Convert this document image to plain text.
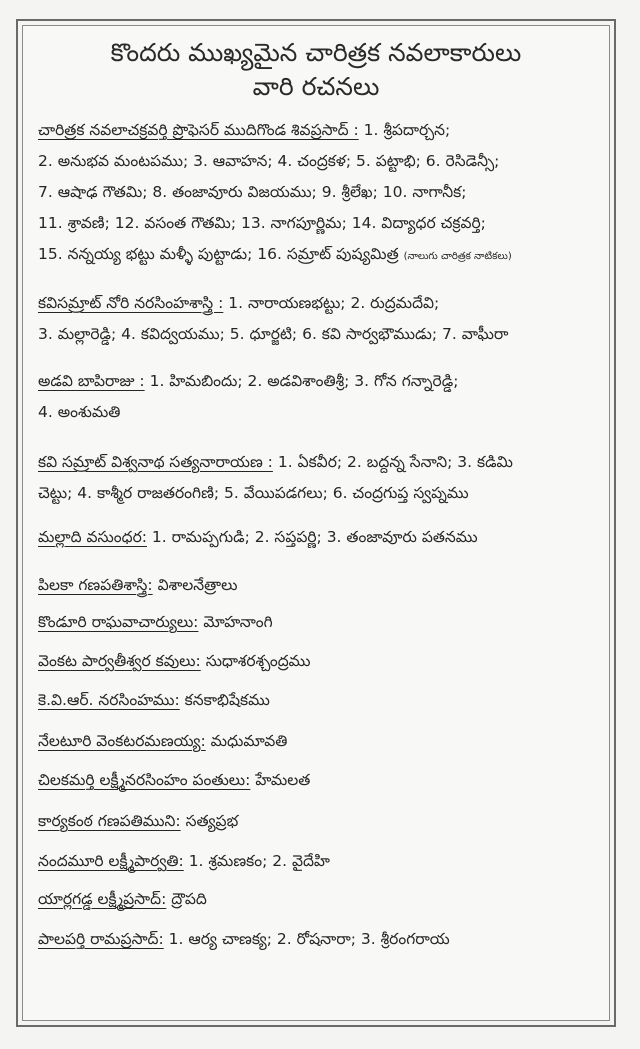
కొందరు ముఖ్యమైన చారిత్రక నవలాకారులు
వారి రచనలు
చారిత్రక నవలాచక్రవర్తి ప్రొఫెసర్ ముదిగొండ శివప్రసాద్ : 1. శ్రీపదార్చన;
2. అనుభవ మంటపము; 3. ఆవాహన; 4. చంద్రకళ; 5. పట్టాభి; 6. రెసిడెన్సీ;
7. ఆషాఢ గౌతమి; 8. తంజావూరు విజయము; 9. శ్రీలేఖ; 10. నాగానీక;
11. శ్రావణి; 12. వసంత గౌతమి; 13. నాగపూర్ణిమ; 14. విద్యాధర చక్రవర్తి;
15. నన్నయ్య భట్టు మళ్ళీ పుట్టాడు; 16. సమ్రాట్ పుష్యమిత్ర (నాలుగు చారిత్రక నాటికలు)
కవిసమ్రాట్ నోరి నరసింహశాస్త్రి : 1. నారాయణభట్టు; 2. రుద్రమదేవి;
3. మల్లారెడ్డి; 4. కవిద్వయము; 5. ధూర్జటి; 6. కవి సార్వభౌముడు; 7. వాఘీరా
అడవి బాపిరాజు : 1. హిమబిందు; 2. అడవిశాంతిశ్రీ; 3. గోన గన్నారెడ్డి;
4. అంశుమతి
కవి సమ్రాట్ విశ్వనాథ సత్యనారాయణ : 1. ఏకవీర; 2. బద్దన్న సేనాని; 3. కడిమి
చెట్టు; 4. కాశ్మీర రాజతరంగిణి; 5. వేయిపడగలు; 6. చంద్రగుప్త స్వప్నము
మల్లాది వసుంధర: 1. రామప్పగుడి; 2. సప్తపర్ణి; 3. తంజావూరు పతనము
పిలకా గణపతిశాస్త్రి: విశాలనేత్రాలు
కొండూరి రాఘవాచార్యులు: మోహనాంగి
వెంకట పార్వతీశ్వర కవులు: సుధాశరశ్చంద్రము
కె.వి.ఆర్. నరసింహము: కనకాభిషేకము
నేలటూరి వెంకటరమణయ్య: మధుమావతి
చిలకమర్తి లక్ష్మీనరసింహం పంతులు: హేమలత
కార్యకంఠ గణపతిముని: సత్యప్రభ
నందమూరి లక్ష్మీపార్వతి: 1. శ్రమణకం; 2. వైదేహి
యార్లగడ్డ లక్ష్మీప్రసాద్: ద్రౌపది
పాలపర్తి రామప్రసాద్: 1. ఆర్య చాణక్య; 2. రోషనారా; 3. శ్రీరంగరాయ
